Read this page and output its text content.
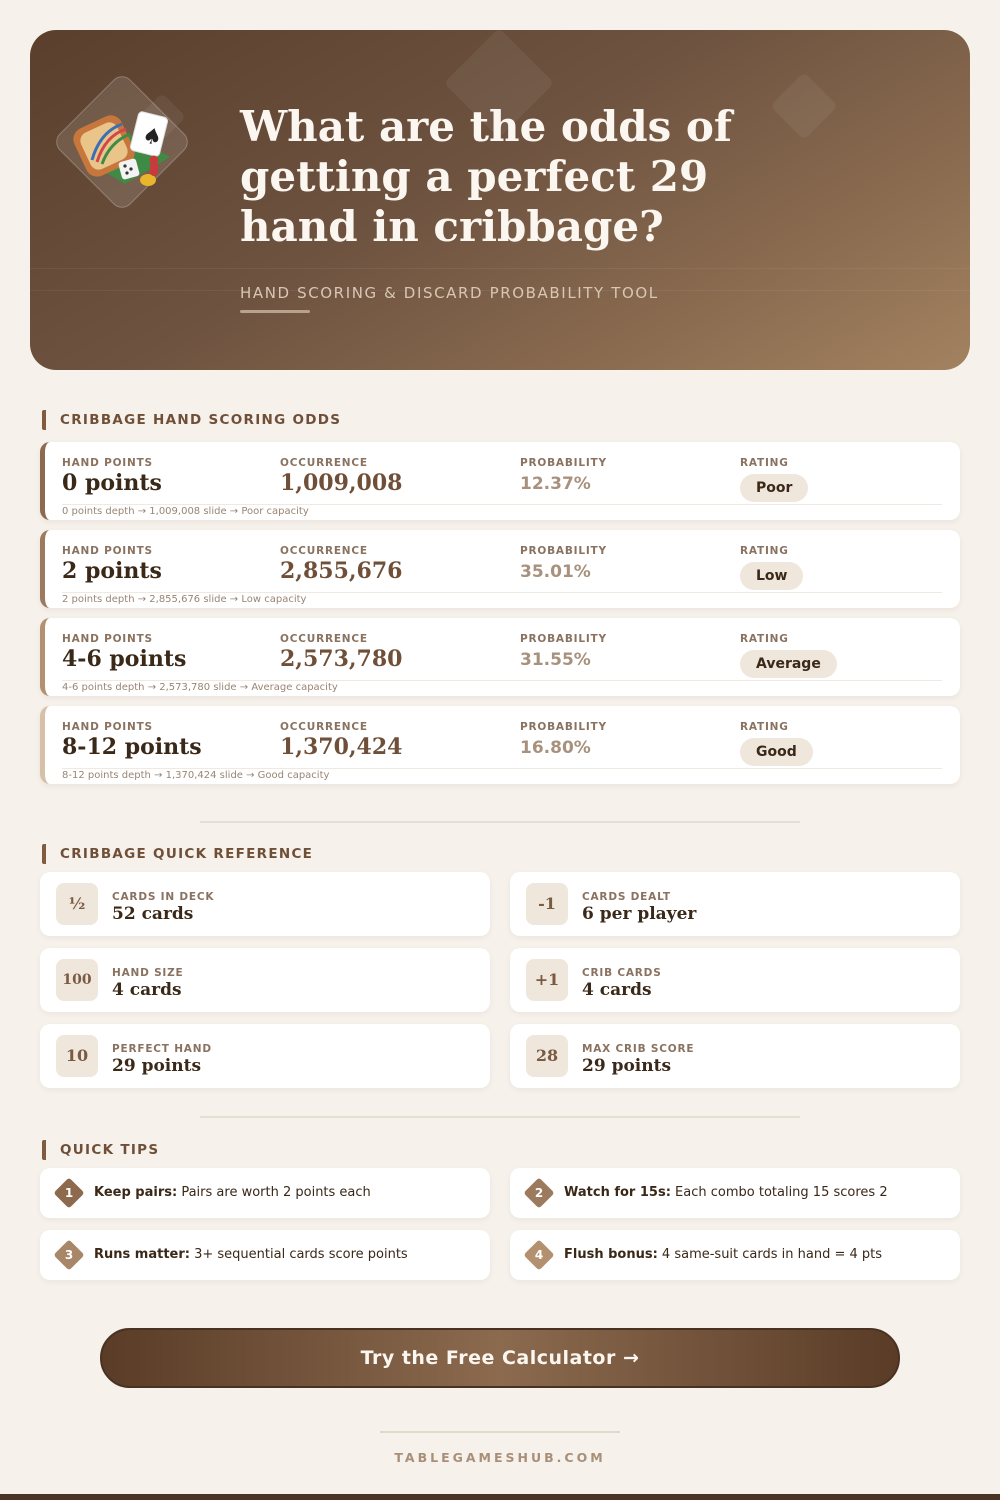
♠ What are the odds of getting a perfect 29 hand in cribbage?
HAND SCORING & DISCARD PROBABILITY TOOL
CRIBBAGE HAND SCORING ODDS
HAND POINTS	OCCURRENCE	PROBABILITY	RATING
0 points	1,009,008	12.37%	Poor
0 points depth → 1,009,008 slide → Poor capacity
HAND POINTS	OCCURRENCE	PROBABILITY	RATING
2 points	2,855,676	35.01%	Low
2 points depth → 2,855,676 slide → Low capacity
HAND POINTS	OCCURRENCE	PROBABILITY	RATING
4-6 points	2,573,780	31.55%	Average
4-6 points depth → 2,573,780 slide → Average capacity
HAND POINTS	OCCURRENCE	PROBABILITY	RATING
8-12 points	1,370,424	16.80%	Good
8-12 points depth → 1,370,424 slide → Good capacity
CRIBBAGE QUICK REFERENCE
½	CARDS IN DECK
52 cards
-1	CARDS DEALT
6 per player
100	HAND SIZE
4 cards
+1	CRIB CARDS
4 cards
10	PERFECT HAND
29 points
28	MAX CRIB SCORE
29 points
QUICK TIPS
1	Keep pairs: Pairs are worth 2 points each	2	Watch for 15s: Each combo totaling 15 scores 2
3	Runs matter: 3+ sequential cards score points	4	Flush bonus: 4 same-suit cards in hand = 4 pts
Try the Free Calculator →
TABLEGAMESHUB.COM
